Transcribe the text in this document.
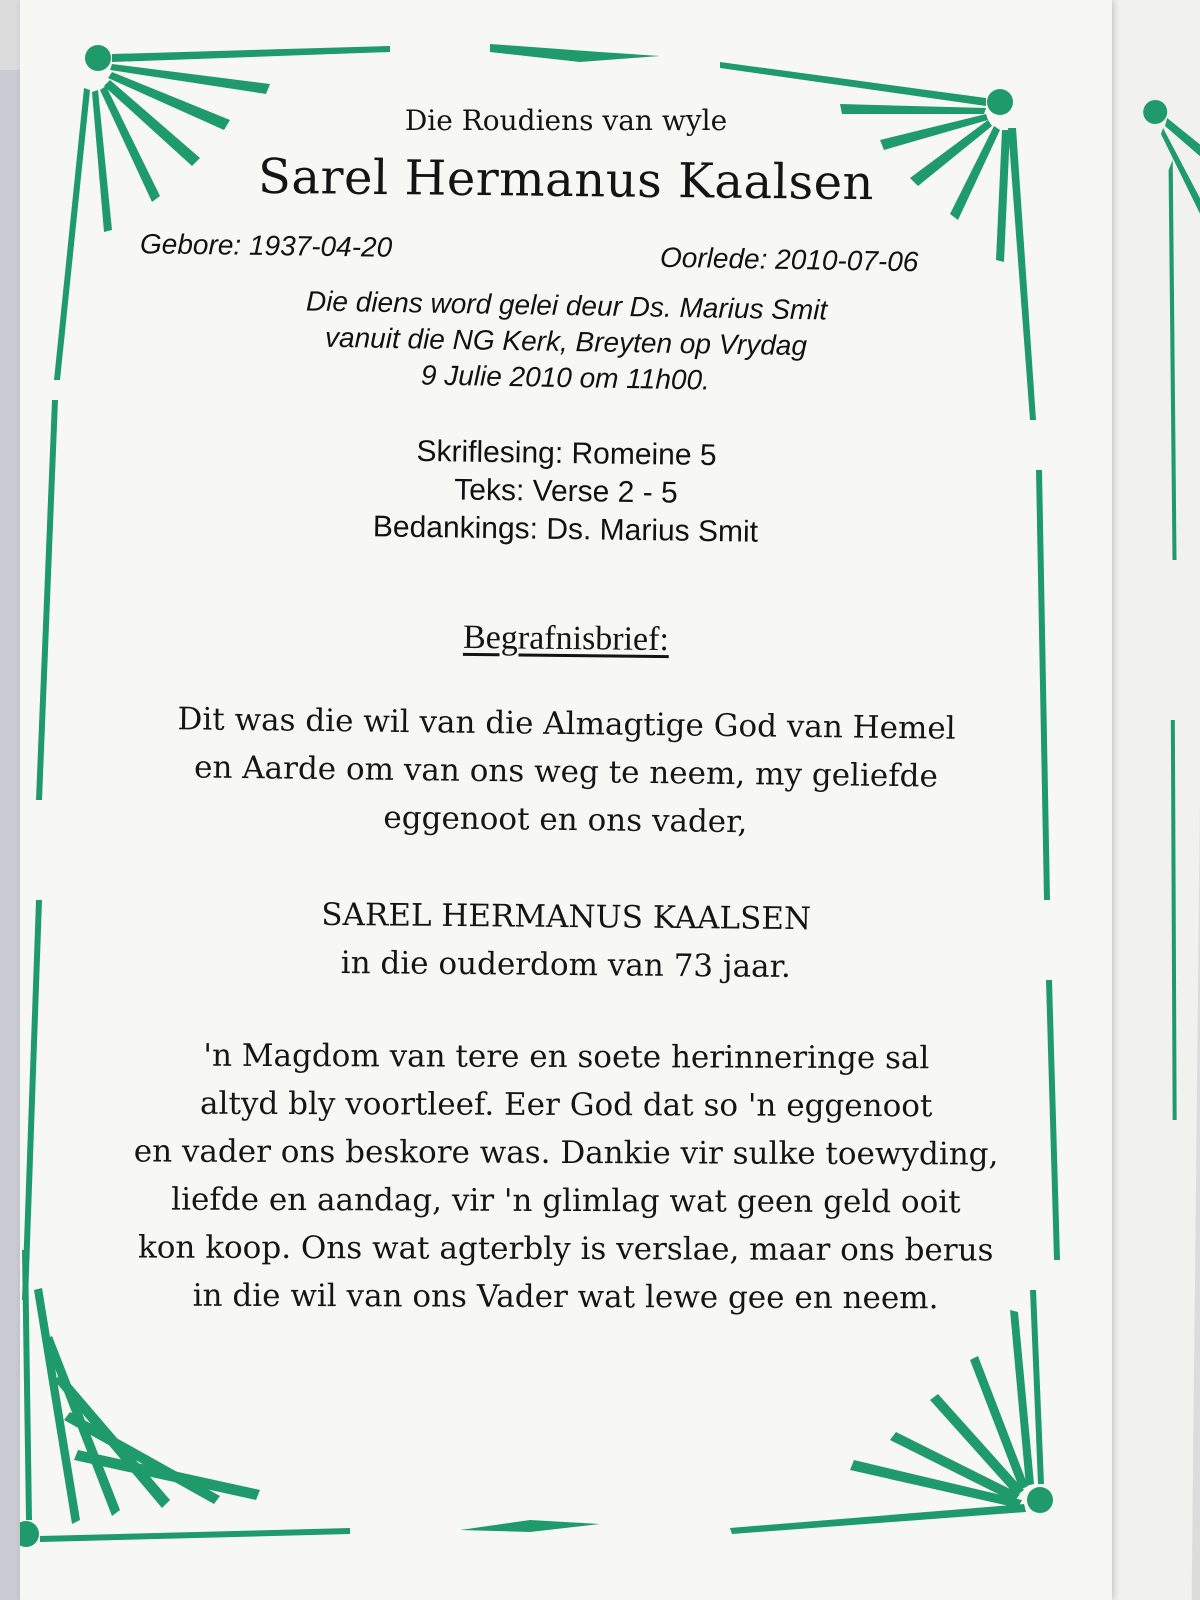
Die Roudiens van wyle
Sarel Hermanus Kaalsen
Gebore: 1937-04-20	Oorlede: 2010-07-06
Die diens word gelei deur Ds. Marius Smit
vanuit die NG Kerk, Breyten op Vrydag
9 Julie 2010 om 11h00.
Skriflesing: Romeine 5
Teks: Verse 2 - 5
Bedankings: Ds. Marius Smit
Begrafnisbrief:
Dit was die wil van die Almagtige God van Hemel
en Aarde om van ons weg te neem, my geliefde
eggenoot en ons vader,
SAREL HERMANUS KAALSEN
in die ouderdom van 73 jaar.
'n Magdom van tere en soete herinneringe sal
altyd bly voortleef. Eer God dat so 'n eggenoot
en vader ons beskore was. Dankie vir sulke toewyding,
liefde en aandag, vir 'n glimlag wat geen geld ooit
kon koop. Ons wat agterbly is verslae, maar ons berus
in die wil van ons Vader wat lewe gee en neem.
